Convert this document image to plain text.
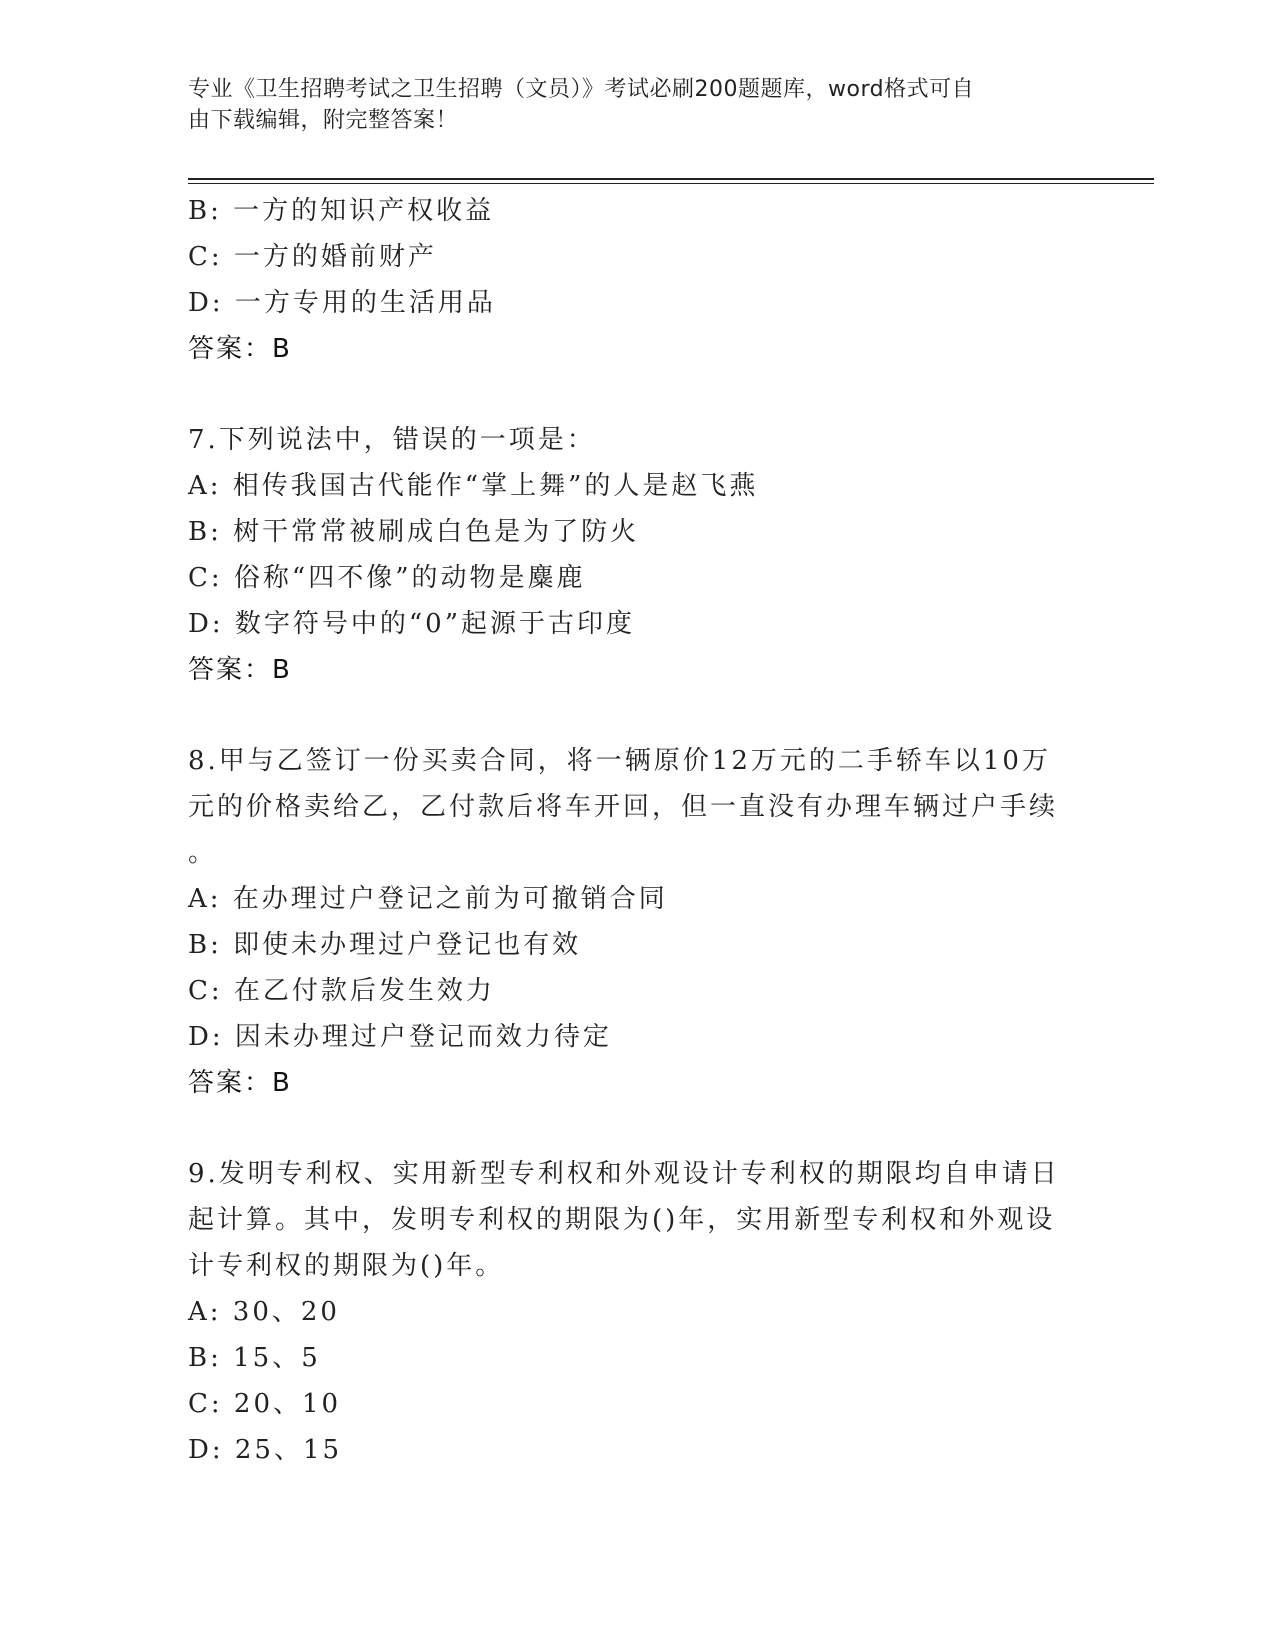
专业《卫生招聘考试之卫生招聘（文员）》考试必刷200题题库，word格式可自
由下载编辑，附完整答案！
B: 一方的知识产权收益
C: 一方的婚前财产
D: 一方专用的生活用品
答案：B
7.下列说法中，错误的一项是：
A: 相传我国古代能作“掌上舞”的人是赵飞燕
B: 树干常常被刷成白色是为了防火
C: 俗称“四不像”的动物是麋鹿
D: 数字符号中的“0”起源于古印度
答案：B
8.甲与乙签订一份买卖合同，将一辆原价12万元的二手轿车以10万
元的价格卖给乙，乙付款后将车开回，但一直没有办理车辆过户手续
。
A: 在办理过户登记之前为可撤销合同
B: 即使未办理过户登记也有效
C: 在乙付款后发生效力
D: 因未办理过户登记而效力待定
答案：B
9.发明专利权、实用新型专利权和外观设计专利权的期限均自申请日
起计算。其中，发明专利权的期限为()年，实用新型专利权和外观设
计专利权的期限为()年。
A: 30、20
B: 15、5
C: 20、10
D: 25、15
